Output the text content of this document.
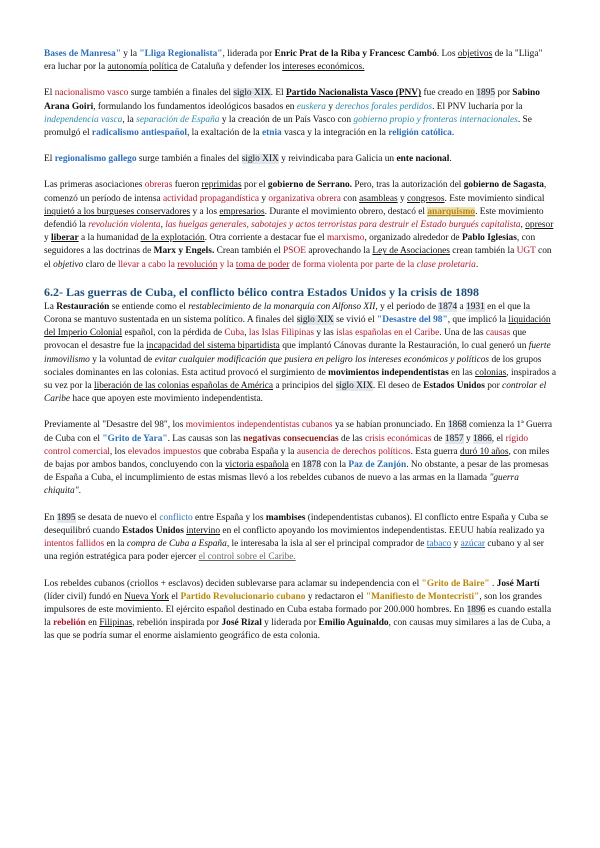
Bases de Manresa" y la "Lliga Regionalista", liderada por Enric Prat de la Riba y Francesc Cambó. Los objetivos de la "Lliga" era luchar por la autonomía política de Cataluña y defender los intereses económicos.

El nacionalismo vasco surge también a finales del siglo XIX. El Partido Nacionalista Vasco (PNV) fue creado en 1895 por Sabino Arana Goiri, formulando los fundamentos ideológicos basados en euskera y derechos forales perdidos. El PNV lucharía por la independencia vasca, la separación de España y la creación de un País Vasco con gobierno propio y fronteras internacionales. Se promulgó el radicalismo antiespañol, la exaltación de la etnia vasca y la integración en la religión católica.

El regionalismo gallego surge también a finales del siglo XIX y reivindicaba para Galicia un ente nacional.

Las primeras asociaciones obreras fueron reprimidas por el gobierno de Serrano. Pero, tras la autorización del gobierno de Sagasta, comenzó un período de intensa actividad propagandística y organizativa obrera con asambleas y congresos. Este movimiento sindical inquietó a los burgueses conservadores y a los empresarios. Durante el movimiento obrero, destacó el anarquismo. Este movimiento defendió la revolución violenta, las huelgas generales, sabotajes y actos terroristas para destruir el Estado burgués capitalista, opresor y liberar a la humanidad de la explotación. Otra corriente a destacar fue el marxismo, organizado alrededor de Pablo Iglesias, con seguidores a las doctrinas de Marx y Engels. Crean también el PSOE aprovechando la Ley de Asociaciones crean también la UGT con el objetivo claro de llevar a cabo la revolución y la toma de poder de forma violenta por parte de la clase proletaria.

6.2- Las guerras de Cuba, el conflicto bélico contra Estados Unidos y la crisis de 1898

La Restauración se entiende como el restablecimiento de la monarquía con Alfonso XII, y el período de 1874 a 1931 en el que la Corona se mantuvo sustentada en un sistema político. A finales del siglo XIX se vivió el "Desastre del 98", que implicó la liquidación del Imperio Colonial español, con la pérdida de Cuba, las Islas Filipinas y las islas españolas en el Caribe. Una de las causas que provocan el desastre fue la incapacidad del sistema bipartidista que implantó Cánovas durante la Restauración, lo cual generó un fuerte inmovilismo y la voluntad de evitar cualquier modificación que pusiera en peligro los intereses económicos y políticos de los grupos sociales dominantes en las colonias. Esta actitud provocó el surgimiento de movimientos independentistas en las colonias, inspirados a su vez por la liberación de las colonias españolas de América a principios del siglo XIX. El deseo de Estados Unidos por controlar el Caribe hace que apoyen este movimiento independentista.

Previamente al "Desastre del 98", los movimientos independentistas cubanos ya se habían pronunciado. En 1868 comienza la 1ª Guerra de Cuba con el "Grito de Yara". Las causas son las negativas consecuencias de las crisis económicas de 1857 y 1866, el rígido control comercial, los elevados impuestos que cobraba España y la ausencia de derechos políticos. Esta guerra duró 10 años, con miles de bajas por ambos bandos, concluyendo con la victoria española en 1878 con la Paz de Zanjón. No obstante, a pesar de las promesas de España a Cuba, el incumplimiento de estas mismas llevó a los rebeldes cubanos de nuevo a las armas en la llamada "guerra chiquita".

En 1895 se desata de nuevo el conflicto entre España y los mambises (independentistas cubanos). El conflicto entre España y Cuba se desequilibró cuando Estados Unidos intervino en el conflicto apoyando los movimientos independentistas. EEUU había realizado ya intentos fallidos en la compra de Cuba a España, le interesaba la isla al ser el principal comprador de tabaco y azúcar cubano y al ser una región estratégica para poder ejercer el control sobre el Caribe.

Los rebeldes cubanos (criollos + esclavos) deciden sublevarse para aclamar su independencia con el "Grito de Baire" . José Martí (líder civil) fundó en Nueva York el Partido Revolucionario cubano y redactaron el "Manifiesto de Montecristi", son los grandes impulsores de este movimiento. El ejército español destinado en Cuba estaba formado por 200.000 hombres. En 1896 es cuando estalla la rebelión en Filipinas, rebelión inspirada por José Rizal y liderada por Emilio Aguinaldo, con causas muy similares a las de Cuba, a las que se podría sumar el enorme aislamiento geográfico de esta colonia.
